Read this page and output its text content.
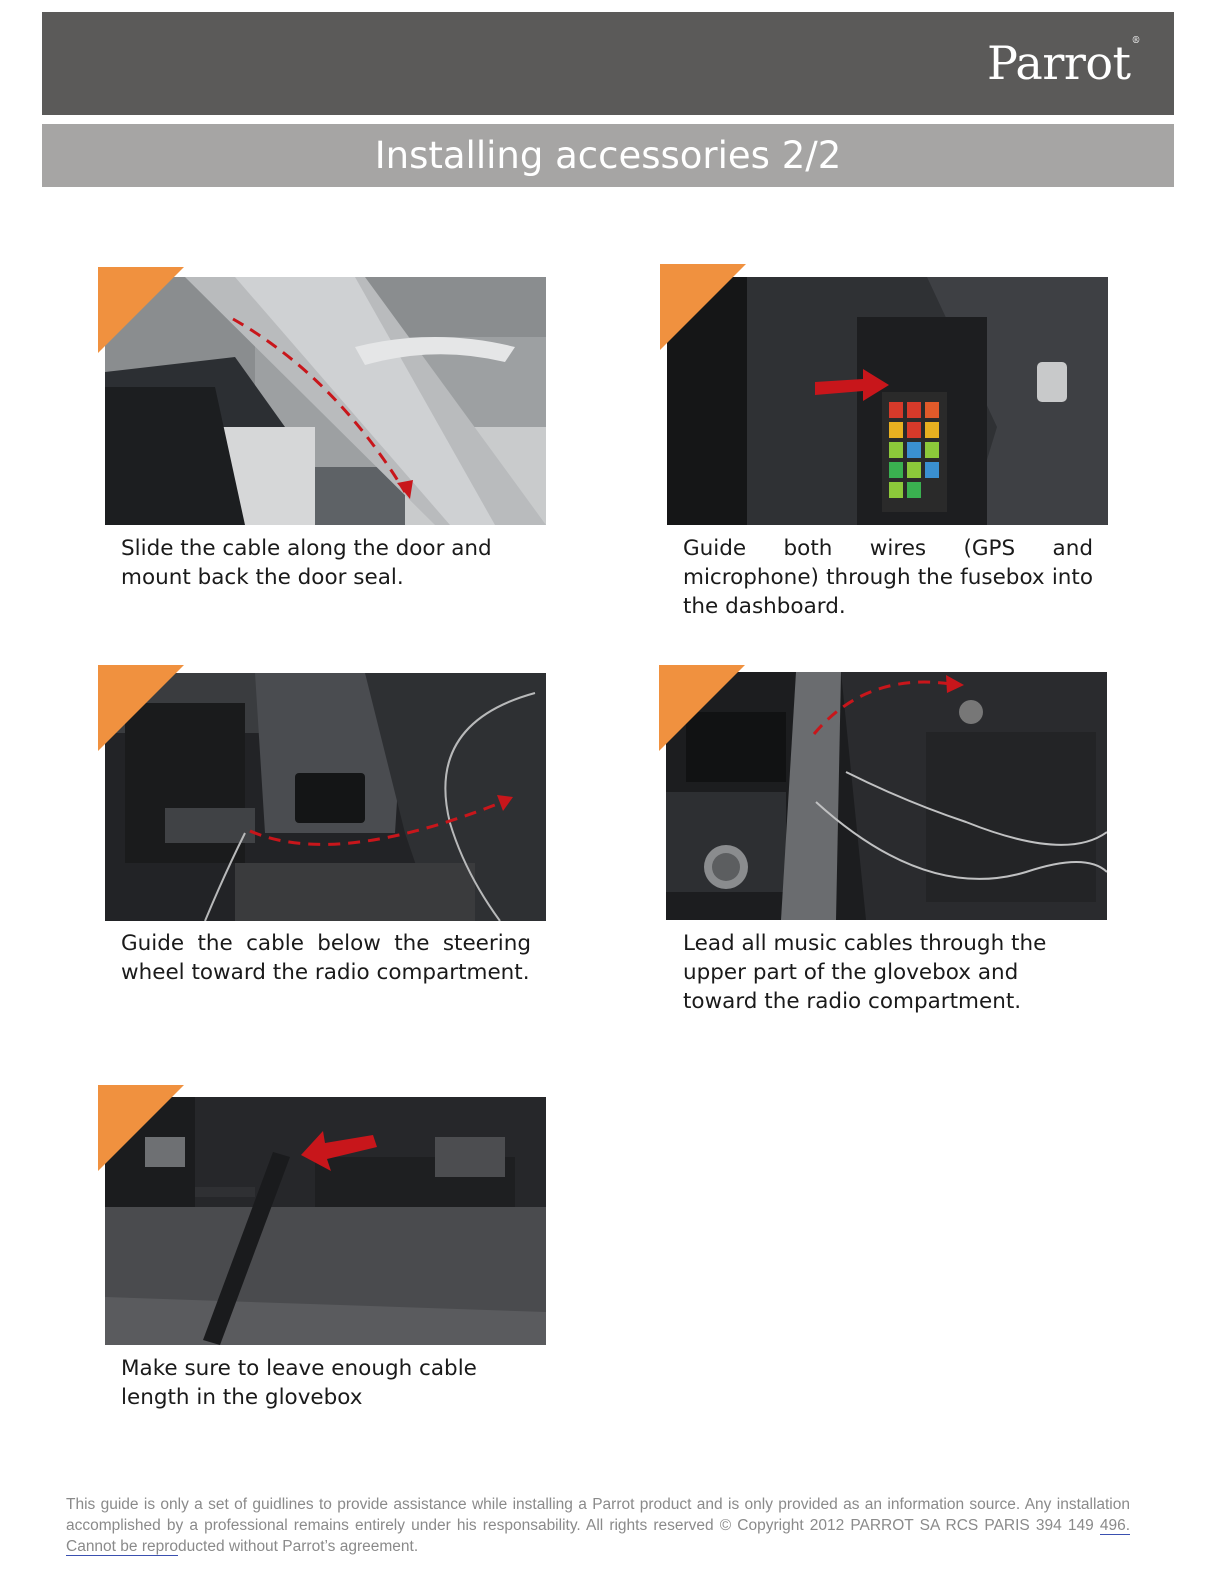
Parrot®
Installing accessories 2/2

Slide the cable along the door and mount back the door seal.

Guide both wires (GPS and microphone) through the fusebox into the dashboard.

Guide the cable below the steering wheel toward the radio compartment.

Lead all music cables through the upper part of the glovebox and toward the radio compartment.

Make sure to leave enough cable length in the glovebox

This guide is only a set of guidlines to provide assistance while installing a Parrot product and is only provided as an information source. Any installation accomplished by a professional remains entirely under his responsability. All rights reserved © Copyright 2012 PARROT SA RCS PARIS 394 149 496. Cannot be reproducted without Parrot’s agreement.
